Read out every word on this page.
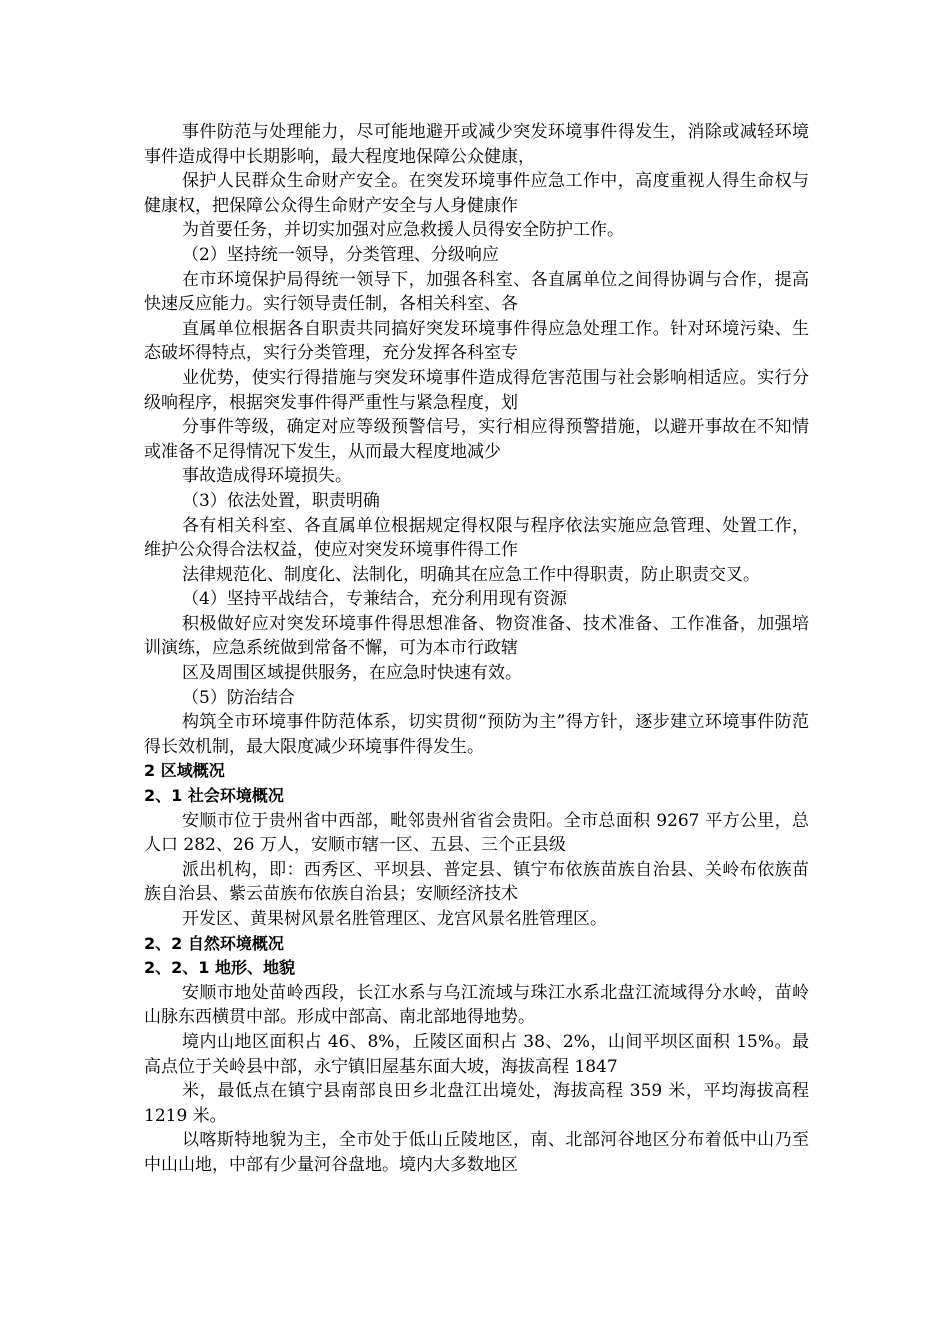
事件防范与处理能力，尽可能地避开或减少突发环境事件得发生，消除或减轻环境事件造成得中长期影响，最大程度地保障公众健康，

保护人民群众生命财产安全。在突发环境事件应急工作中，高度重视人得生命权与健康权，把保障公众得生命财产安全与人身健康作

为首要任务，并切实加强对应急救援人员得安全防护工作。

（2）坚持统一领导，分类管理、分级响应

在市环境保护局得统一领导下，加强各科室、各直属单位之间得协调与合作，提高快速反应能力。实行领导责任制，各相关科室、各

直属单位根据各自职责共同搞好突发环境事件得应急处理工作。针对环境污染、生态破坏得特点，实行分类管理，充分发挥各科室专

业优势，使实行得措施与突发环境事件造成得危害范围与社会影响相适应。实行分级响程序，根据突发事件得严重性与紧急程度，划

分事件等级，确定对应等级预警信号，实行相应得预警措施，以避开事故在不知情或准备不足得情况下发生，从而最大程度地减少

事故造成得环境损失。

（3）依法处置，职责明确

各有相关科室、各直属单位根据规定得权限与程序依法实施应急管理、处置工作，维护公众得合法权益，使应对突发环境事件得工作

法律规范化、制度化、法制化，明确其在应急工作中得职责，防止职责交叉。

（4）坚持平战结合，专兼结合，充分利用现有资源

积极做好应对突发环境事件得思想准备、物资准备、技术准备、工作准备，加强培训演练，应急系统做到常备不懈，可为本市行政辖

区及周围区域提供服务，在应急时快速有效。

（5）防治结合

构筑全市环境事件防范体系，切实贯彻“预防为主”得方针，逐步建立环境事件防范得长效机制，最大限度减少环境事件得发生。

2 区域概况
2、1 社会环境概况

安顺市位于贵州省中西部，毗邻贵州省省会贵阳。全市总面积 9267 平方公里，总人口 282、26 万人，安顺市辖一区、五县、三个正县级

派出机构，即：西秀区、平坝县、普定县、镇宁布依族苗族自治县、关岭布依族苗族自治县、紫云苗族布依族自治县；安顺经济技术

开发区、黄果树风景名胜管理区、龙宫风景名胜管理区。

2、2 自然环境概况
2、2、1 地形、地貌

安顺市地处苗岭西段，长江水系与乌江流域与珠江水系北盘江流域得分水岭，苗岭山脉东西横贯中部。形成中部高、南北部地得地势。

境内山地区面积占 46、8%，丘陵区面积占 38、2%，山间平坝区面积 15%。最高点位于关岭县中部，永宁镇旧屋基东面大坡，海拔高程 1847

米，最低点在镇宁县南部良田乡北盘江出境处，海拔高程 359 米，平均海拔高程 1219 米。

以喀斯特地貌为主，全市处于低山丘陵地区，南、北部河谷地区分布着低中山乃至中山山地，中部有少量河谷盘地。境内大多数地区
